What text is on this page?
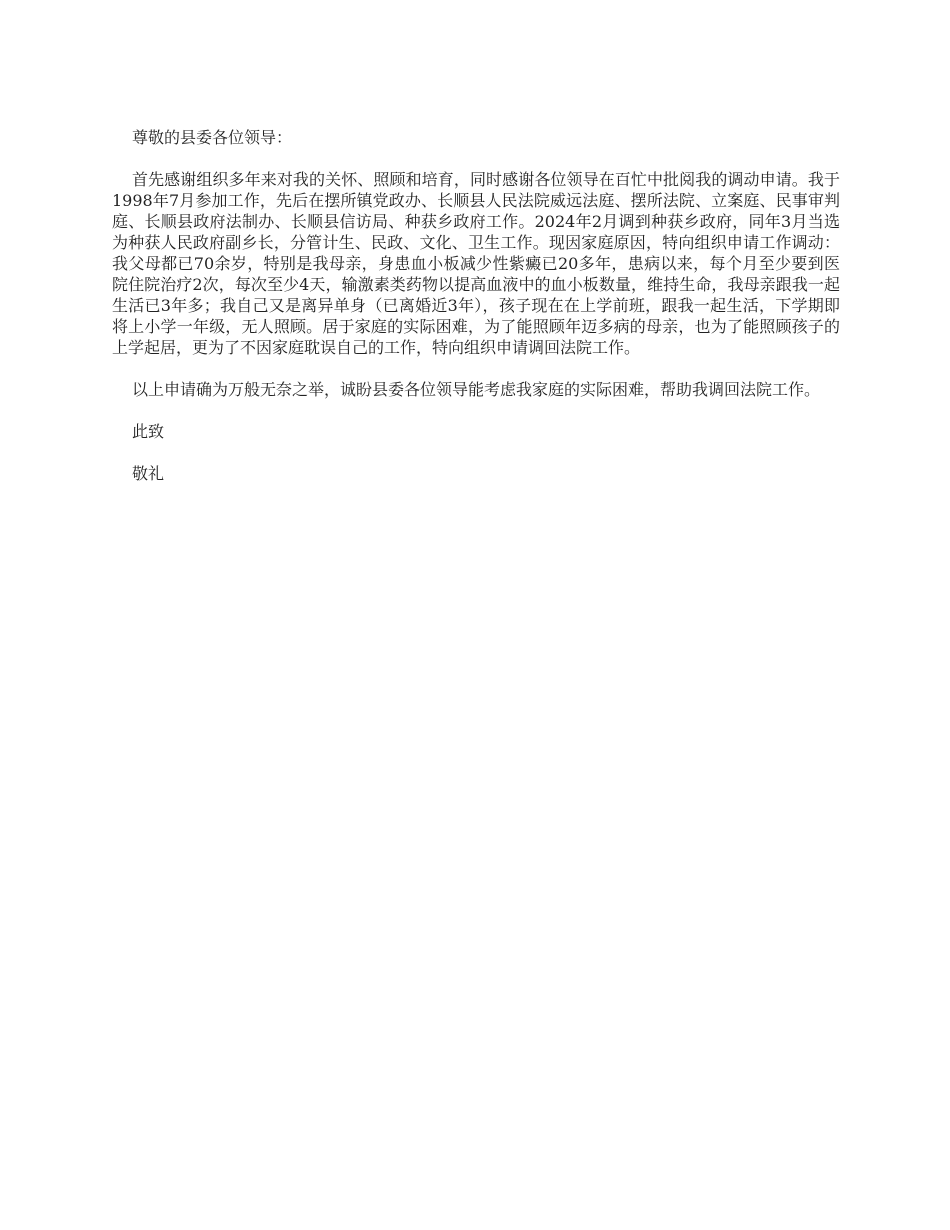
尊敬的县委各位领导：

首先感谢组织多年来对我的关怀、照顾和培育，同时感谢各位领导在百忙中批阅我的调动申请。我于1998年7月参加工作，先后在摆所镇党政办、长顺县人民法院威远法庭、摆所法院、立案庭、民事审判庭、长顺县政府法制办、长顺县信访局、种获乡政府工作。2024年2月调到种获乡政府，同年3月当选为种获人民政府副乡长，分管计生、民政、文化、卫生工作。现因家庭原因，特向组织申请工作调动：我父母都已70余岁，特别是我母亲，身患血小板减少性紫癜已20多年，患病以来，每个月至少要到医院住院治疗2次，每次至少4天，输激素类药物以提高血液中的血小板数量，维持生命，我母亲跟我一起生活已3年多；我自己又是离异单身（已离婚近3年），孩子现在在上学前班，跟我一起生活，下学期即将上小学一年级，无人照顾。居于家庭的实际困难，为了能照顾年迈多病的母亲，也为了能照顾孩子的上学起居，更为了不因家庭耽误自己的工作，特向组织申请调回法院工作。

以上申请确为万般无奈之举，诚盼县委各位领导能考虑我家庭的实际困难，帮助我调回法院工作。

此致

敬礼
